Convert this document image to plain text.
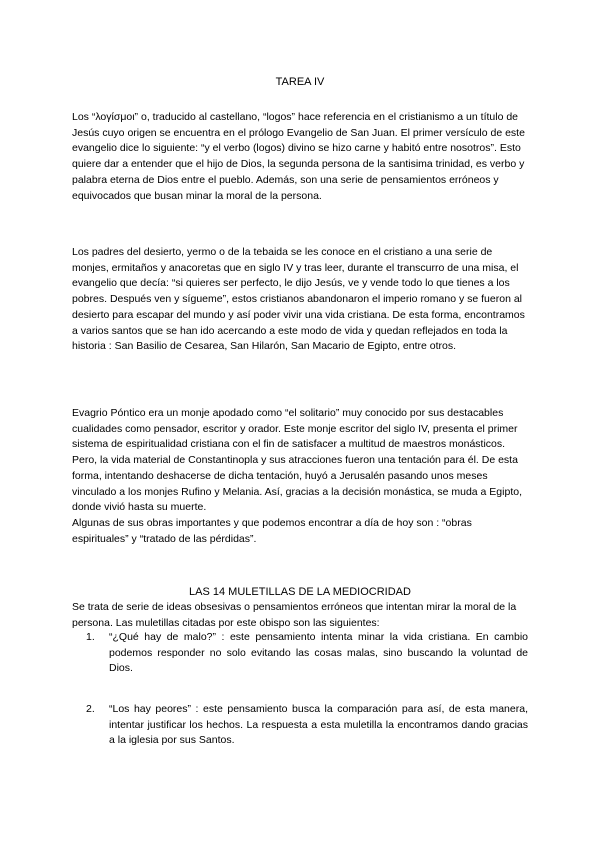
TAREA IV

Los “λογίσμοι” o, traducido al castellano, “logos” hace referencia en el cristianismo a un título de Jesús cuyo origen se encuentra en el prólogo Evangelio de San Juan. El primer versículo de este evangelio dice lo siguiente: “y el verbo (logos) divino se hizo carne y habitó entre nosotros”. Esto quiere dar a entender que el hijo de Dios, la segunda persona de la santisima trinidad, es verbo y palabra eterna de Dios entre el pueblo. Además, son una serie de pensamientos erróneos y equivocados que busan minar la moral de la persona.

Los padres del desierto, yermo o de la tebaida se les conoce en el cristiano a una serie de monjes, ermitaños y anacoretas que en siglo IV y tras leer, durante el transcurro de una misa, el evangelio que decía: “si quieres ser perfecto, le dijo Jesús, ve y vende todo lo que tienes a los pobres. Después ven y sígueme”, estos cristianos abandonaron el imperio romano y se fueron al desierto para escapar del mundo y así poder vivir una vida cristiana. De esta forma, encontramos a varios santos que se han ido acercando a este modo de vida y quedan reflejados en toda la historia : San Basilio de Cesarea, San Hilarón, San Macario de Egipto, entre otros.

Evagrio Póntico era un monje apodado como “el solitario” muy conocido por sus destacables cualidades como pensador, escritor y orador. Este monje escritor del siglo IV, presenta el primer sistema de espiritualidad cristiana con el fin de satisfacer a multitud de maestros monásticos. Pero, la vida material de Constantinopla y sus atracciones fueron una tentación para él. De esta forma, intentando deshacerse de dicha tentación, huyó a Jerusalén pasando unos meses vinculado a los monjes Rufino y Melania. Así, gracias a la decisión monástica, se muda a Egipto, donde vivió hasta su muerte.

Algunas de sus obras importantes y que podemos encontrar a día de hoy son : “obras espirituales” y “tratado de las pérdidas”.

LAS 14 MULETILLAS DE LA MEDIOCRIDAD

Se trata de serie de ideas obsesivas o pensamientos erróneos que intentan mirar la moral de la persona. Las muletillas citadas por este obispo son las siguientes:

1. “¿Qué hay de malo?” : este pensamiento intenta minar la vida cristiana. En cambio podemos responder no solo evitando las cosas malas, sino buscando la voluntad de Dios.
2. “Los hay peores” : este pensamiento busca la comparación para así, de esta manera, intentar justificar los hechos. La respuesta a esta muletilla la encontramos dando gracias a la iglesia por sus Santos.
